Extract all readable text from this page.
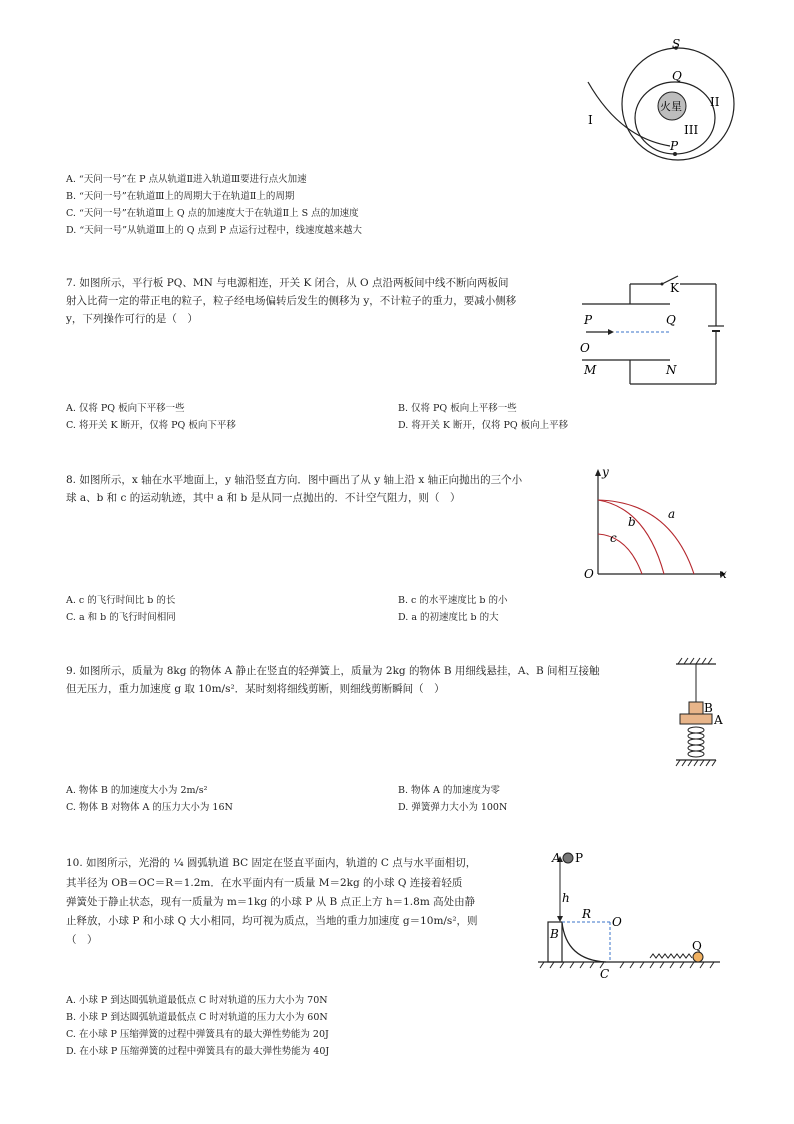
S
Q
火星 II
III
I
P
A. “天问一号”在 P 点从轨道Ⅱ进入轨道Ⅲ要进行点火加速
B. “天问一号”在轨道Ⅲ上的周期大于在轨道Ⅱ上的周期
C. “天问一号”在轨道Ⅲ上 Q 点的加速度大于在轨道Ⅱ上 S 点的加速度
D. “天问一号”从轨道Ⅲ上的 Q 点到 P 点运行过程中，线速度越来越大
7. 如图所示，平行板 PQ、MN 与电源相连，开关 K 闭合，从 O 点沿两板间中线不断向两板间
射入比荷一定的带正电的粒子，粒子经电场偏转后发生的侧移为 y，不计粒子的重力，要减小侧移
y，下列操作可行的是（　）
K
P	Q
O
M	N
A. 仅将 PQ 板向下平移一些	B. 仅将 PQ 板向上平移一些
C. 将开关 K 断开，仅将 PQ 板向下平移	D. 将开关 K 断开，仅将 PQ 板向上平移
8. 如图所示，x 轴在水平地面上，y 轴沿竖直方向．图中画出了从 y 轴上沿 x 轴正向抛出的三个小
球 a、b 和 c 的运动轨迹，其中 a 和 b 是从同一点抛出的．不计空气阻力，则（　）
y
x
O
a
b
c
A. c 的飞行时间比 b 的长	B. c 的水平速度比 b 的小
C. a 和 b 的飞行时间相同	D. a 的初速度比 b 的大
9. 如图所示，质量为 8kg 的物体 A 静止在竖直的轻弹簧上，质量为 2kg 的物体 B 用细线悬挂，A、B 间相互接触
但无压力，重力加速度 g 取 10m/s²．某时刻将细线剪断，则细线剪断瞬间（　）
B
A
A. 物体 B 的加速度大小为 2m/s²	B. 物体 A 的加速度为零
C. 物体 B 对物体 A 的压力大小为 16N	D. 弹簧弹力大小为 100N
10. 如图所示，光滑的 ¼ 圆弧轨道 BC 固定在竖直平面内，轨道的 C 点与水平面相切，
其半径为 OB＝OC＝R＝1.2m．在水平面内有一质量 M＝2kg 的小球 Q 连接着轻质
弹簧处于静止状态，现有一质量为 m＝1kg 的小球 P 从 B 点正上方 h＝1.8m 高处由静
止释放，小球 P 和小球 Q 大小相同，均可视为质点，当地的重力加速度 g＝10m/s²，则
（　）
A P
h
R
O
B
C
Q
A. 小球 P 到达圆弧轨道最低点 C 时对轨道的压力大小为 70N
B. 小球 P 到达圆弧轨道最低点 C 时对轨道的压力大小为 60N
C. 在小球 P 压缩弹簧的过程中弹簧具有的最大弹性势能为 20J
D. 在小球 P 压缩弹簧的过程中弹簧具有的最大弹性势能为 40J
